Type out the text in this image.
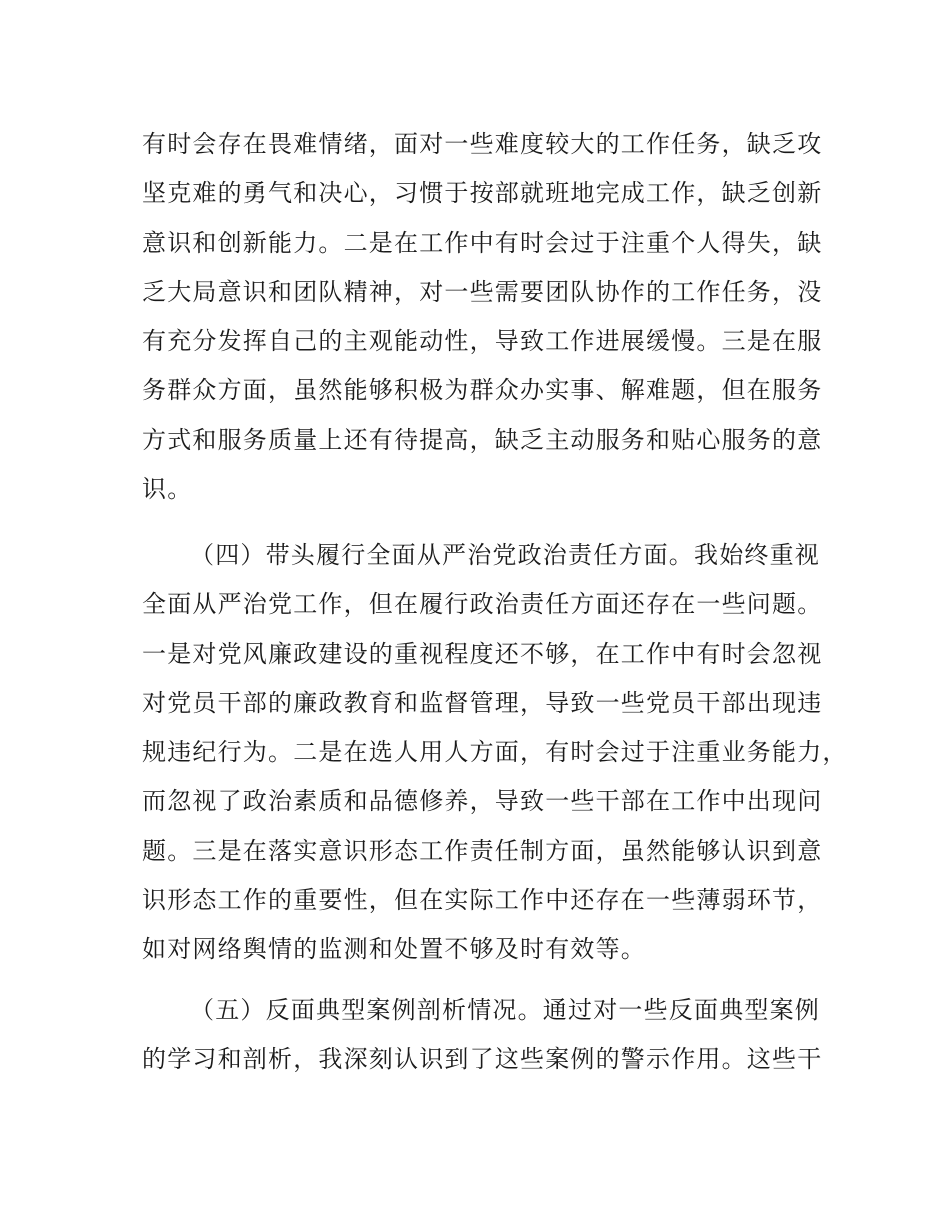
有时会存在畏难情绪，面对一些难度较大的工作任务，缺乏攻
坚克难的勇气和决心，习惯于按部就班地完成工作，缺乏创新
意识和创新能力。二是在工作中有时会过于注重个人得失，缺
乏大局意识和团队精神，对一些需要团队协作的工作任务，没
有充分发挥自己的主观能动性，导致工作进展缓慢。三是在服
务群众方面，虽然能够积极为群众办实事、解难题，但在服务
方式和服务质量上还有待提高，缺乏主动服务和贴心服务的意
识。
（四）带头履行全面从严治党政治责任方面。我始终重视
全面从严治党工作，但在履行政治责任方面还存在一些问题。
一是对党风廉政建设的重视程度还不够，在工作中有时会忽视
对党员干部的廉政教育和监督管理，导致一些党员干部出现违
规违纪行为。二是在选人用人方面，有时会过于注重业务能力，
而忽视了政治素质和品德修养，导致一些干部在工作中出现问
题。三是在落实意识形态工作责任制方面，虽然能够认识到意
识形态工作的重要性，但在实际工作中还存在一些薄弱环节，
如对网络舆情的监测和处置不够及时有效等。
（五）反面典型案例剖析情况。通过对一些反面典型案例
的学习和剖析，我深刻认识到了这些案例的警示作用。这些干
